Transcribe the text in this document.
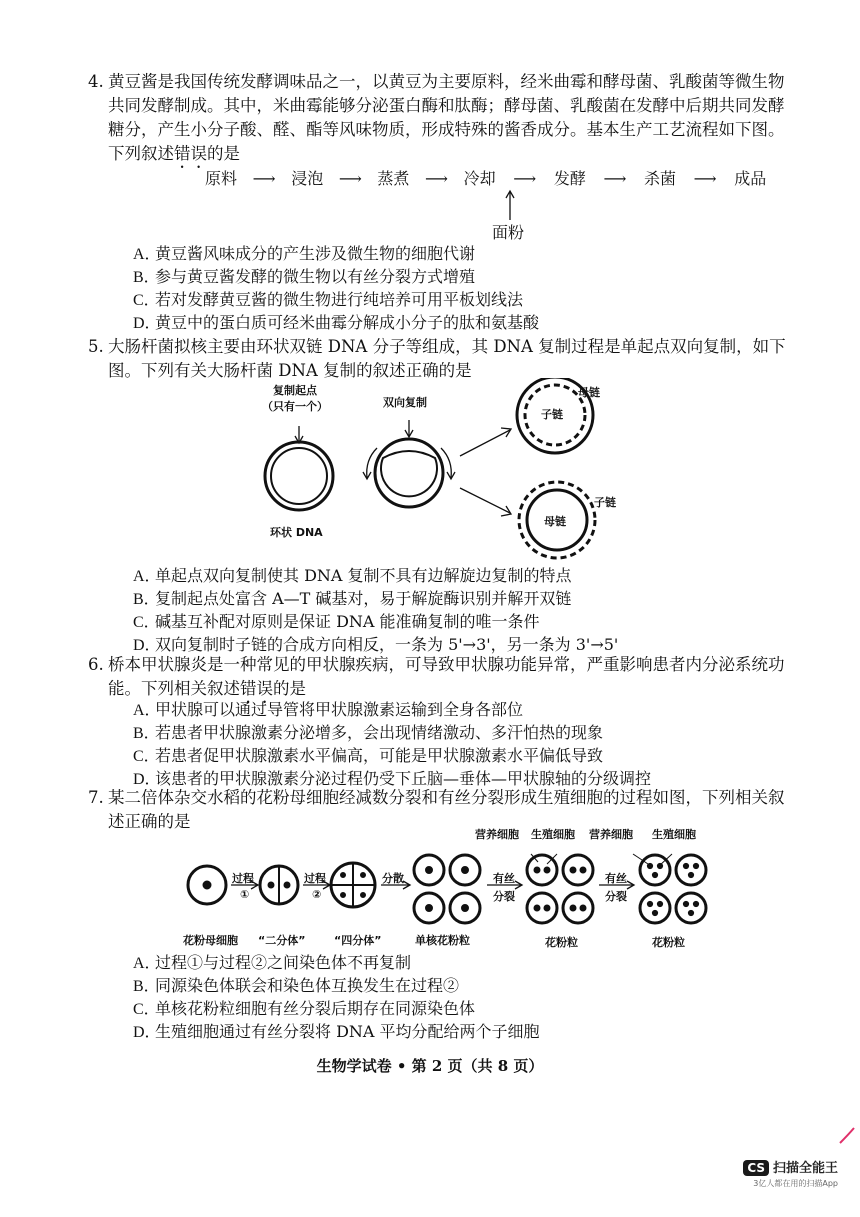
4. 黄豆酱是我国传统发酵调味品之一，以黄豆为主要原料，经米曲霉和酵母菌、乳酸菌等微生物共同发酵制成。其中，米曲霉能够分泌蛋白酶和肽酶；酵母菌、乳酸菌在发酵中后期共同发酵糖分，产生小分子酸、醛、酯等风味物质，形成特殊的酱香成分。基本生产工艺流程如下图。下列叙述错误的是
原料 ⟶ 浸泡 ⟶ 蒸煮 ⟶ 冷却 ⟶ 发酵 ⟶ 杀菌 ⟶ 成品
面粉
A．黄豆酱风味成分的产生涉及微生物的细胞代谢
B．参与黄豆酱发酵的微生物以有丝分裂方式增殖
C．若对发酵黄豆酱的微生物进行纯培养可用平板划线法
D．黄豆中的蛋白质可经米曲霉分解成小分子的肽和氨基酸
5. 大肠杆菌拟核主要由环状双链 DNA 分子等组成，其 DNA 复制过程是单起点双向复制，如下图。下列有关大肠杆菌 DNA 复制的叙述正确的是
复制起点
（只有一个）	双向复制
环状 DNA
母链
子链
子链
母链
A．单起点双向复制使其 DNA 复制不具有边解旋边复制的特点
B．复制起点处富含 A—T 碱基对，易于解旋酶识别并解开双链
C．碱基互补配对原则是保证 DNA 能准确复制的唯一条件
D．双向复制时子链的合成方向相反，一条为 5'→3'，另一条为 3'→5'
6. 桥本甲状腺炎是一种常见的甲状腺疾病，可导致甲状腺功能异常，严重影响患者内分泌系统功能。下列相关叙述错误的是
A．甲状腺可以通过导管将甲状腺激素运输到全身各部位
B．若患者甲状腺激素分泌增多，会出现情绪激动、多汗怕热的现象
C．若患者促甲状腺激素水平偏高，可能是甲状腺激素水平偏低导致
D．该患者的甲状腺激素分泌过程仍受下丘脑—垂体—甲状腺轴的分级调控
7. 某二倍体杂交水稻的花粉母细胞经减数分裂和有丝分裂形成生殖细胞的过程如图，下列相关叙述正确的是
营养细胞 生殖细胞 营养细胞 生殖细胞
过程
①
过程
②
分散	有丝
分裂
有丝
分裂
花粉母细胞 “二分体”	“四分体”	单核花粉粒	花粉粒	花粉粒
A．过程①与过程②之间染色体不再复制
B．同源染色体联会和染色体互换发生在过程②
C．单核花粉粒细胞有丝分裂后期存在同源染色体
D．生殖细胞通过有丝分裂将 DNA 平均分配给两个子细胞
生物学试卷 • 第 2 页（共 8 页）
CS 扫描全能王
3亿人都在用的扫描App
